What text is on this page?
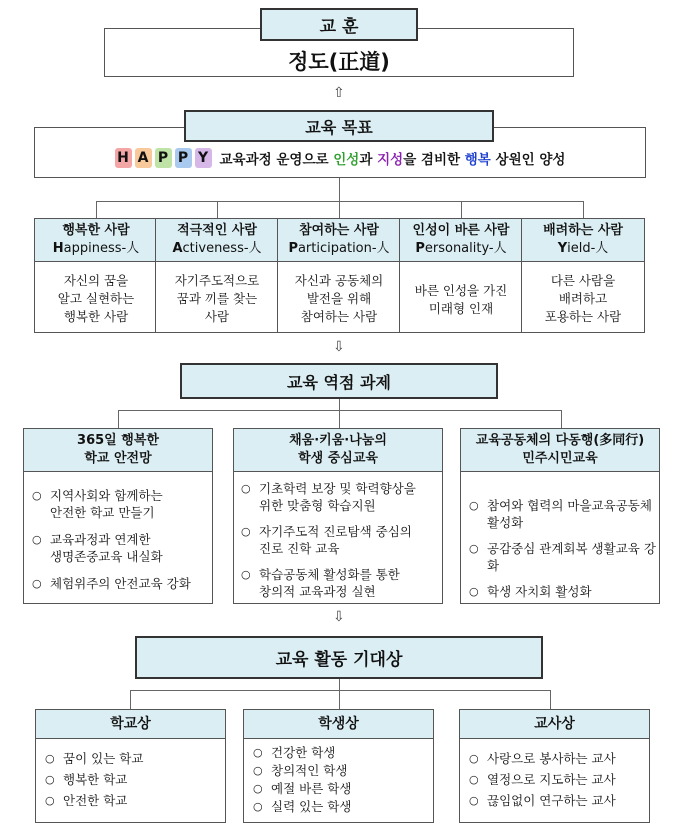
교 훈
정도(正道)
⇧
교육 목표
H A P P Y 교육과정 운영으로 인성과 지성을 겸비한 행복 상원인 양성
행복한 사람
Happiness-人
자신의 꿈을
알고 실현하는
행복한 사람
적극적인 사람
Activeness-人
자기주도적으로
꿈과 끼를 찾는
사람
참여하는 사람
Participation-人
자신과 공동체의
발전을 위해
참여하는 사람
인성이 바른 사람
Personality-人
바른 인성을 가진
미래형 인재
배려하는 사람
Yield-人
다른 사람을
배려하고
포용하는 사람
⇩
교육 역점 과제
365일 행복한
학교 안전망
○ 지역사회와 함께하는
안전한 학교 만들기
○ 교육과정과 연계한
생명존중교육 내실화
○ 체험위주의 안전교육 강화
채움·키움·나눔의
학생 중심교육
○ 기초학력 보장 및 학력향상을
위한 맞춤형 학습지원
○ 자기주도적 진로탐색 중심의
진로 진학 교육
○ 학습공동체 활성화를 통한
창의적 교육과정 실현
교육공동체의 다동행(多同行)
민주시민교육
○ 참여와 협력의 마을교육공동체
활성화
○ 공감중심 관계회복 생활교육 강화
○ 학생 자치회 활성화
⇩
교육 활동 기대상
학교상
○ 꿈이 있는 학교
○ 행복한 학교
○ 안전한 학교
학생상
○ 건강한 학생
○ 창의적인 학생
○ 예절 바른 학생
○ 실력 있는 학생
교사상
○ 사랑으로 봉사하는 교사
○ 열정으로 지도하는 교사
○ 끊임없이 연구하는 교사
